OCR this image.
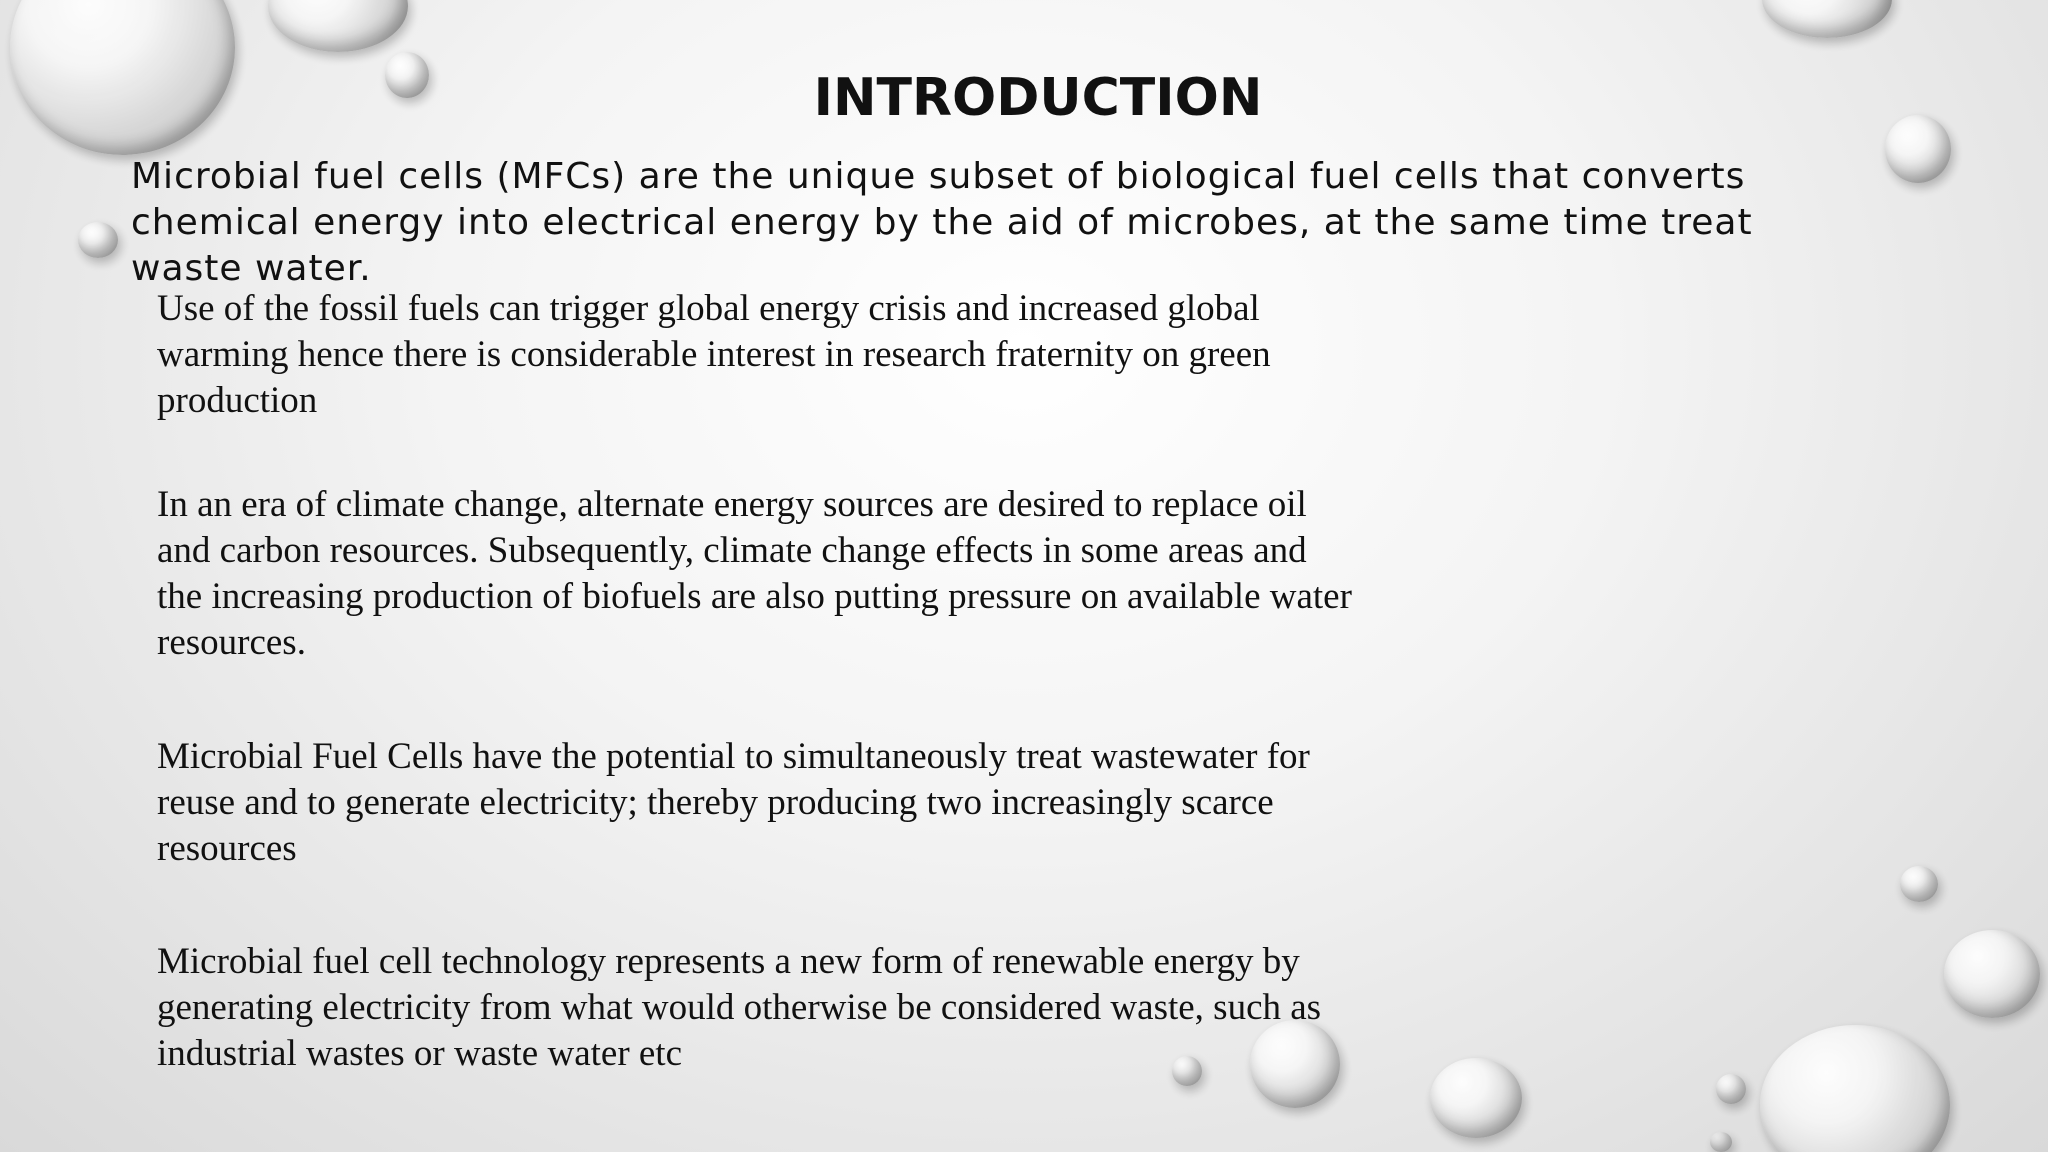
INTRODUCTION

Microbial fuel cells (MFCs) are the unique subset of biological fuel cells that converts chemical energy into electrical energy by the aid of microbes, at the same time treat waste water.

Use of the fossil fuels can trigger global energy crisis and increased global warming hence there is considerable interest in research fraternity on green production

In an era of climate change, alternate energy sources are desired to replace oil and carbon resources. Subsequently, climate change effects in some areas and the increasing production of biofuels are also putting pressure on available water resources.

Microbial Fuel Cells have the potential to simultaneously treat wastewater for reuse and to generate electricity; thereby producing two increasingly scarce resources

Microbial fuel cell technology represents a new form of renewable energy by generating electricity from what would otherwise be considered waste, such as industrial wastes or waste water etc
